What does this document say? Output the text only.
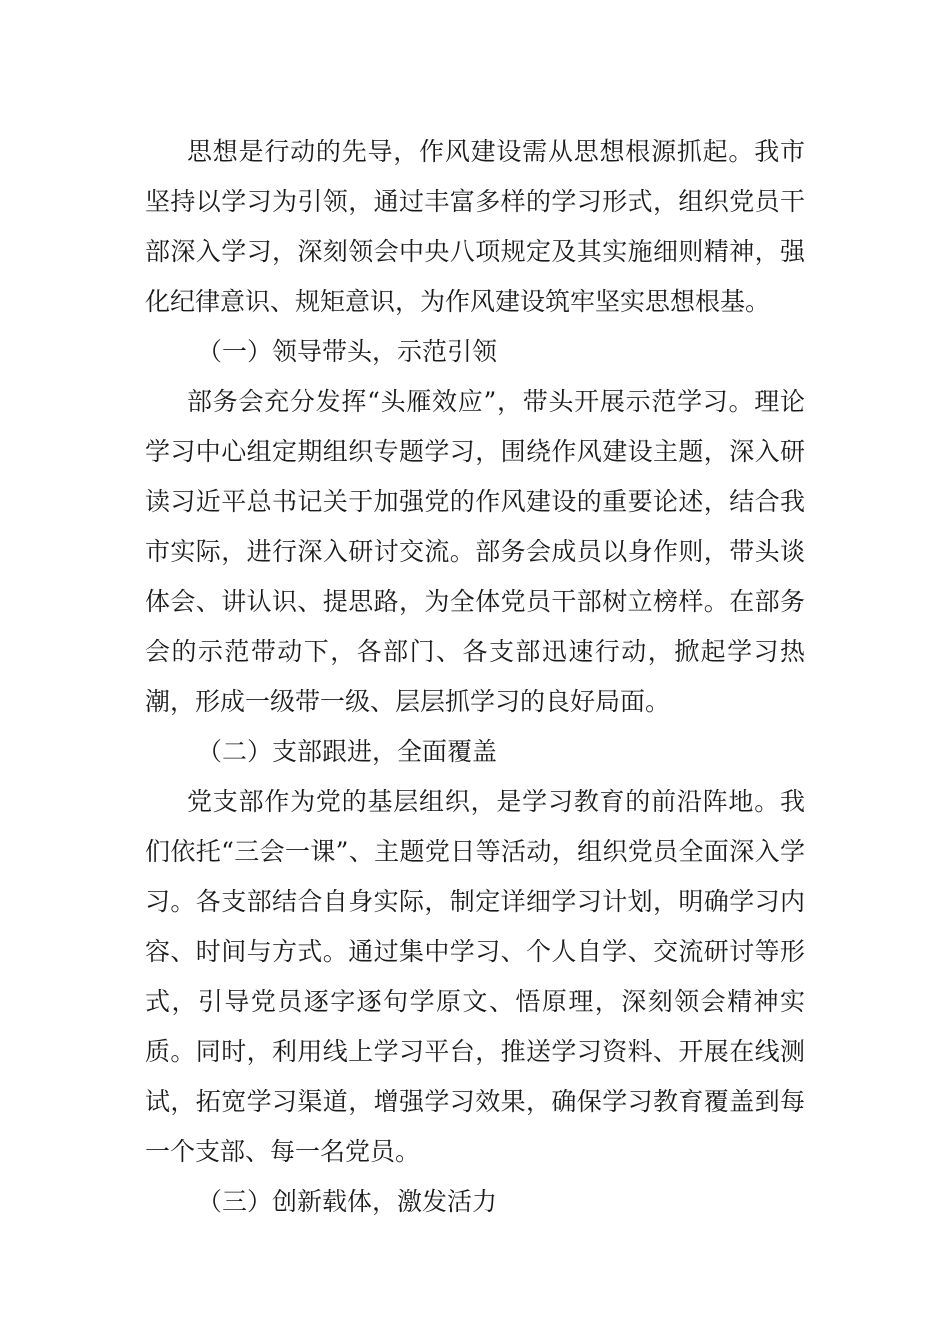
思想是行动的先导，作风建设需从思想根源抓起。我市坚持以学习为引领，通过丰富多样的学习形式，组织党员干部深入学习，深刻领会中央八项规定及其实施细则精神，强化纪律意识、规矩意识，为作风建设筑牢坚实思想根基。

（一）领导带头，示范引领

部务会充分发挥“头雁效应”，带头开展示范学习。理论学习中心组定期组织专题学习，围绕作风建设主题，深入研读习近平总书记关于加强党的作风建设的重要论述，结合我市实际，进行深入研讨交流。部务会成员以身作则，带头谈体会、讲认识、提思路，为全体党员干部树立榜样。在部务会的示范带动下，各部门、各支部迅速行动，掀起学习热潮，形成一级带一级、层层抓学习的良好局面。

（二）支部跟进，全面覆盖

党支部作为党的基层组织，是学习教育的前沿阵地。我们依托“三会一课”、主题党日等活动，组织党员全面深入学习。各支部结合自身实际，制定详细学习计划，明确学习内容、时间与方式。通过集中学习、个人自学、交流研讨等形式，引导党员逐字逐句学原文、悟原理，深刻领会精神实质。同时，利用线上学习平台，推送学习资料、开展在线测试，拓宽学习渠道，增强学习效果，确保学习教育覆盖到每一个支部、每一名党员。

（三）创新载体，激发活力
